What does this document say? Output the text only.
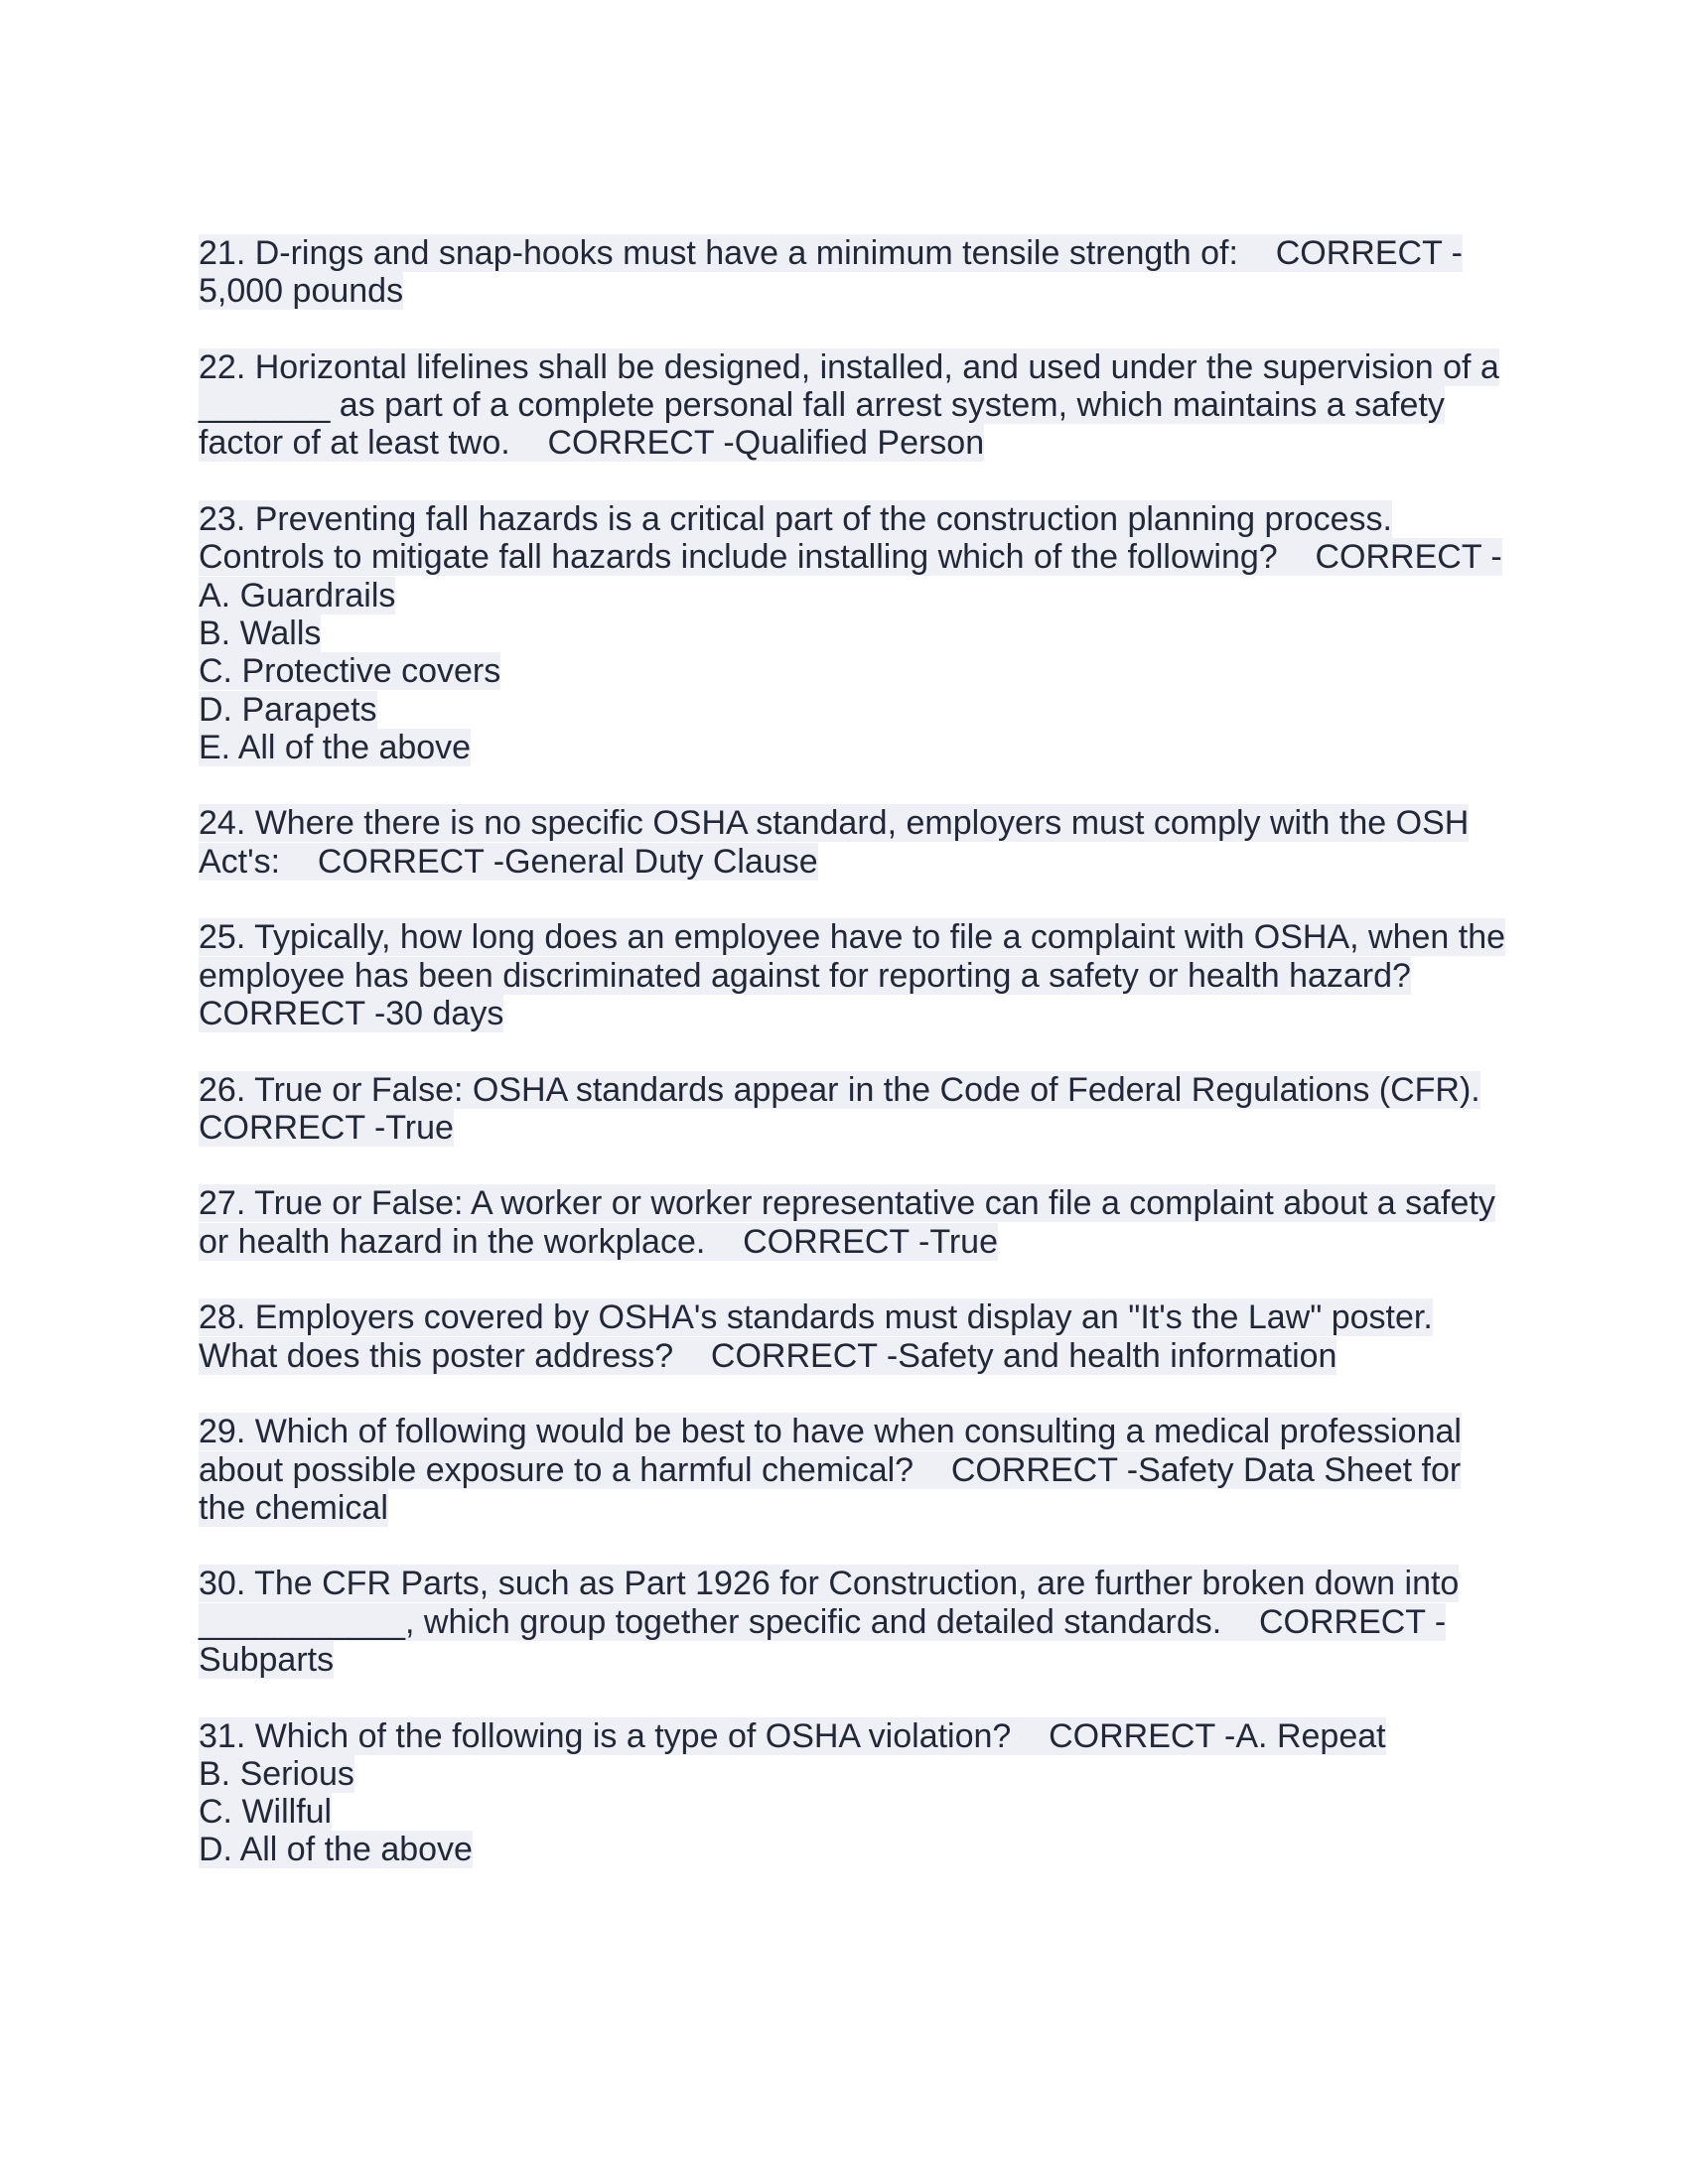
21. D-rings and snap-hooks must have a minimum tensile strength of:    CORRECT -
5,000 pounds
22. Horizontal lifelines shall be designed, installed, and used under the supervision of a
_______ as part of a complete personal fall arrest system, which maintains a safety
factor of at least two.    CORRECT -Qualified Person
23. Preventing fall hazards is a critical part of the construction planning process.
Controls to mitigate fall hazards include installing which of the following?    CORRECT -
A. Guardrails
B. Walls
C. Protective covers
D. Parapets
E. All of the above
24. Where there is no specific OSHA standard, employers must comply with the OSH
Act's:    CORRECT -General Duty Clause
25. Typically, how long does an employee have to file a complaint with OSHA, when the
employee has been discriminated against for reporting a safety or health hazard?
CORRECT -30 days
26. True or False: OSHA standards appear in the Code of Federal Regulations (CFR).
CORRECT -True
27. True or False: A worker or worker representative can file a complaint about a safety
or health hazard in the workplace.    CORRECT -True
28. Employers covered by OSHA's standards must display an "It's the Law" poster.
What does this poster address?    CORRECT -Safety and health information
29. Which of following would be best to have when consulting a medical professional
about possible exposure to a harmful chemical?    CORRECT -Safety Data Sheet for
the chemical
30. The CFR Parts, such as Part 1926 for Construction, are further broken down into
___________, which group together specific and detailed standards.    CORRECT -
Subparts
31. Which of the following is a type of OSHA violation?    CORRECT -A. Repeat
B. Serious
C. Willful
D. All of the above
